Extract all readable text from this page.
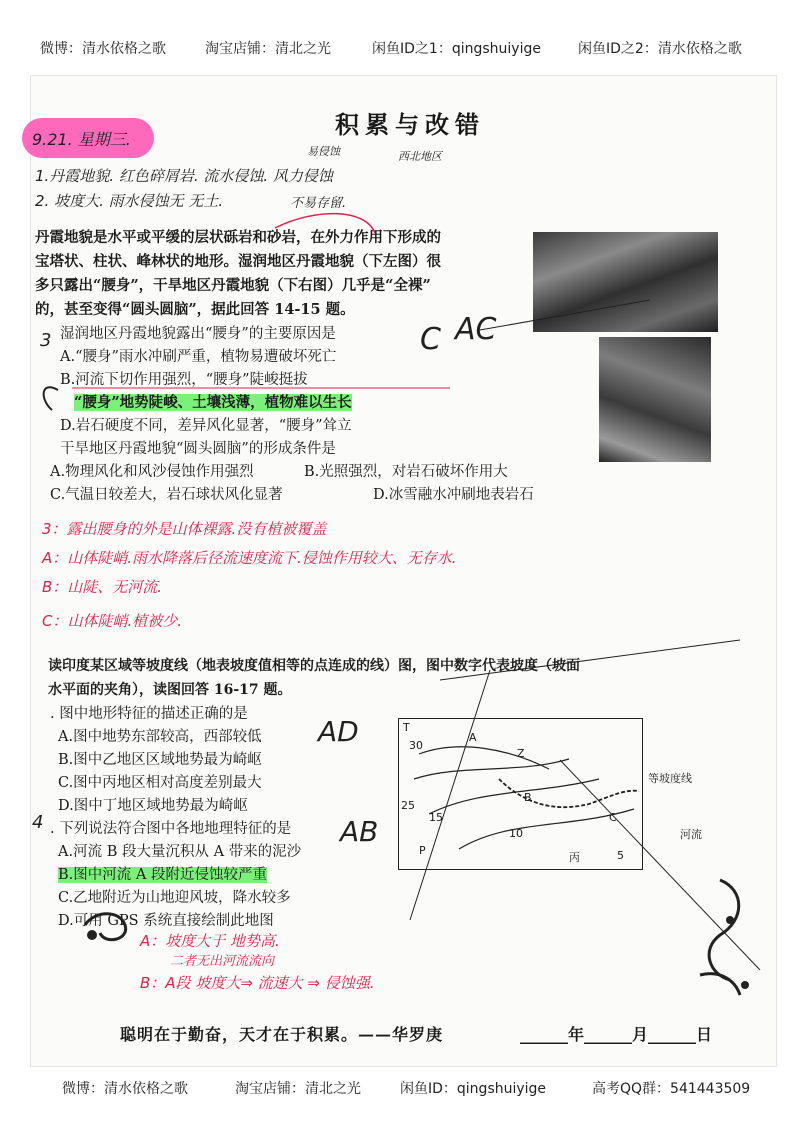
微博：清水依格之歌	淘宝店铺：清北之光	闲鱼ID之1：qingshuiyige	闲鱼ID之2：清水依格之歌
9.21. 星期三.
积累与改错
1.丹霞地貌. 红色碎屑岩. 流水侵蚀. 风力侵蚀
易侵蚀	西北地区
2. 坡度大. 雨水侵蚀无 无土.	不易存留.
丹霞地貌是水平或平缓的层状砾岩和砂岩，在外力作用下形成的
宝塔状、柱状、峰林状的地形。湿润地区丹霞地貌（下左图）很
多只露出“腰身”，干旱地区丹霞地貌（下右图）几乎是“全裸”
的，甚至变得“圆头圆脑”，据此回答 14-15 题。
3 湿润地区丹霞地貌露出“腰身”的主要原因是
A.“腰身”雨水冲刷严重，植物易遭破坏死亡
B.河流下切作用强烈，“腰身”陡峻挺拔
“腰身”地势陡峻、土壤浅薄，植物难以生长
D.岩石硬度不同，差异风化显著，“腰身”耸立
干旱地区丹霞地貌“圆头圆脑”的形成条件是
A.物理风化和风沙侵蚀作用强烈	B.光照强烈，对岩石破坏作用大
C.气温日较差大，岩石球状风化显著	D.冰雪融水冲刷地表岩石
C AC
3：露出腰身的外是山体裸露.没有植被覆盖
A：山体陡峭.雨水降落后径流速度流下.侵蚀作用较大、无存水.
B：山陡、无河流.
C：山体陡峭.植被少.
读印度某区域等坡度线（地表坡度值相等的点连成的线）图，图中数字代表坡度（坡面
水平面的夹角），读图回答 16-17 题。
. 图中地形特征的描述正确的是
A.图中地势东部较高，西部较低
B.图中乙地区区域地势最为崎岖
C.图中丙地区相对高度差别最大
D.图中丁地区域地势最为崎岖
4 . 下列说法符合图中各地地理特征的是
A.河流 B 段大量沉积从 A 带来的泥沙
B.图中河流 A 段附近侵蚀较严重
C.乙地附近为山地迎风坡，降水较多
D.可用 GPS 系统直接绘制此地图
AD
AB
T
30
A
Z
B
25
15
10
C
P
丙	5
等坡度线
河流
A：坡度大于 地势高.
二者无出河流流向
B：A段 坡度大⇒ 流速大 ⇒ 侵蚀强.
聪明在于勤奋，天才在于积累。——华罗庚	______年______月______日
微博：清水依格之歌	淘宝店铺：清北之光	闲鱼ID：qingshuiyige	高考QQ群：541443509
